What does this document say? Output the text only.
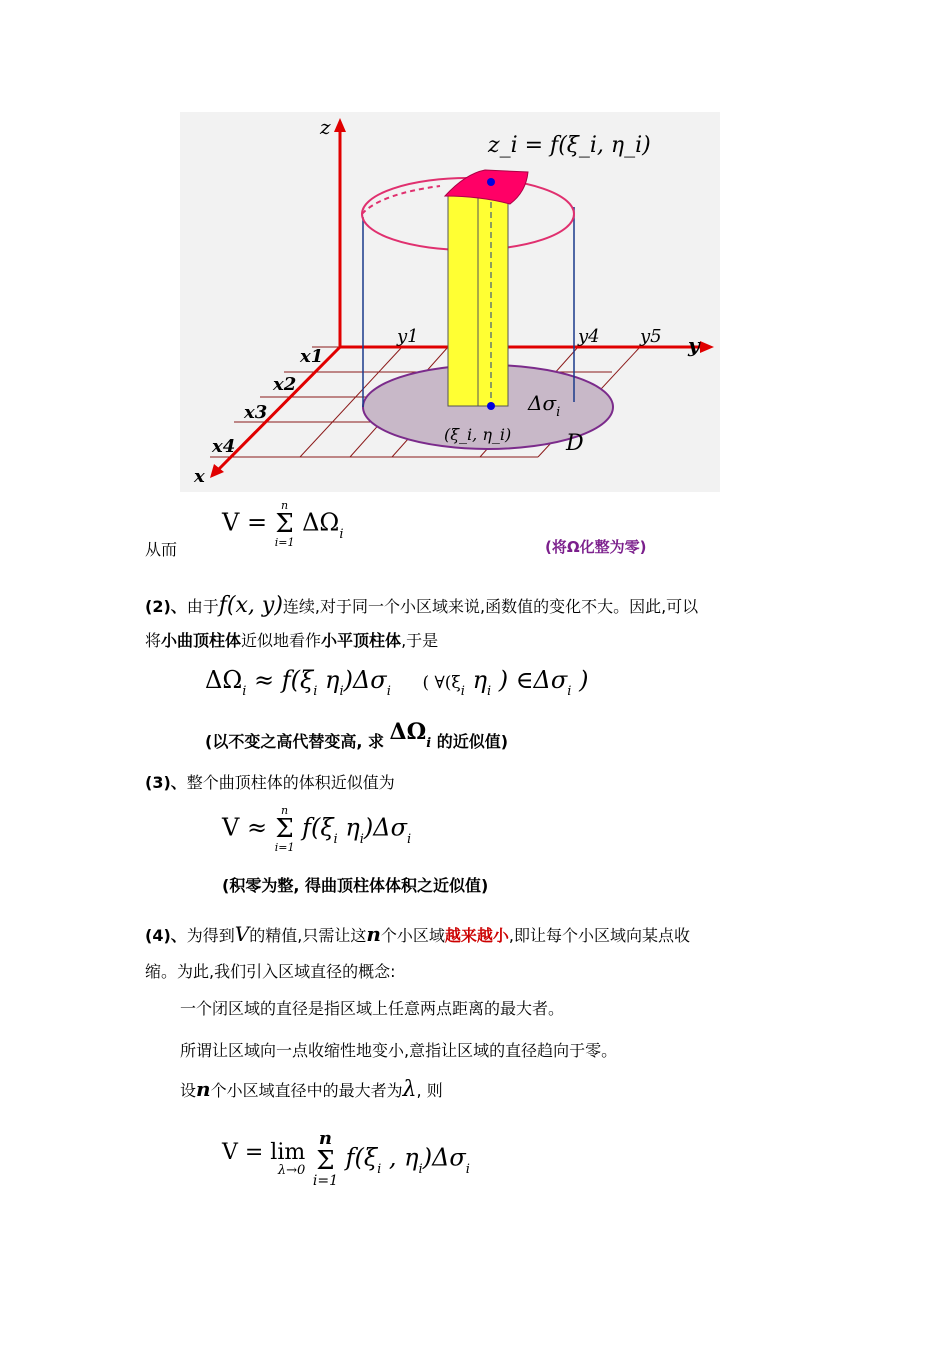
z
y
x
z_i = f(ξ_i, η_i)
y1	y4 y5
x1
x2
x3
x4
$\Delta\sigma_i$
(ξ_i, η_i) D
从而
V =
n
Σ
i=1
$\Delta\Omega_i$
(将Ω化整为零)
(2)、由于f(x, y)连续,对于同一个小区域来说,函数值的变化不大。因此,可以
将小曲顶柱体近似地看作小平顶柱体,于是
$\Delta\Omega_i \approx f(\xi_i$ $\eta_i)\Delta\sigma_i$ ( $\forall(\xi_i$ $\eta_i$ ) $\in\Delta\sigma_i$ )
(以不变之高代替变高, 求 ΔΩi 的近似值)
(3)、整个曲顶柱体的体积近似值为
V ≈
n
Σ
i=1
$f(\xi_i$ $\eta_i)\Delta\sigma_i$
(积零为整, 得曲顶柱体体积之近似值)
(4)、为得到V的精值,只需让这n个小区域越来越小,即让每个小区域向某点收
缩。为此,我们引入区域直径的概念:
一个闭区域的直径是指区域上任意两点距离的最大者。
所谓让区域向一点收缩性地变小,意指让区域的直径趋向于零。
设n个小区域直径中的最大者为λ, 则
V = lim
λ→0

n
Σ
i=1
$f(\xi_i$ , $\eta_i)\Delta\sigma_i$
